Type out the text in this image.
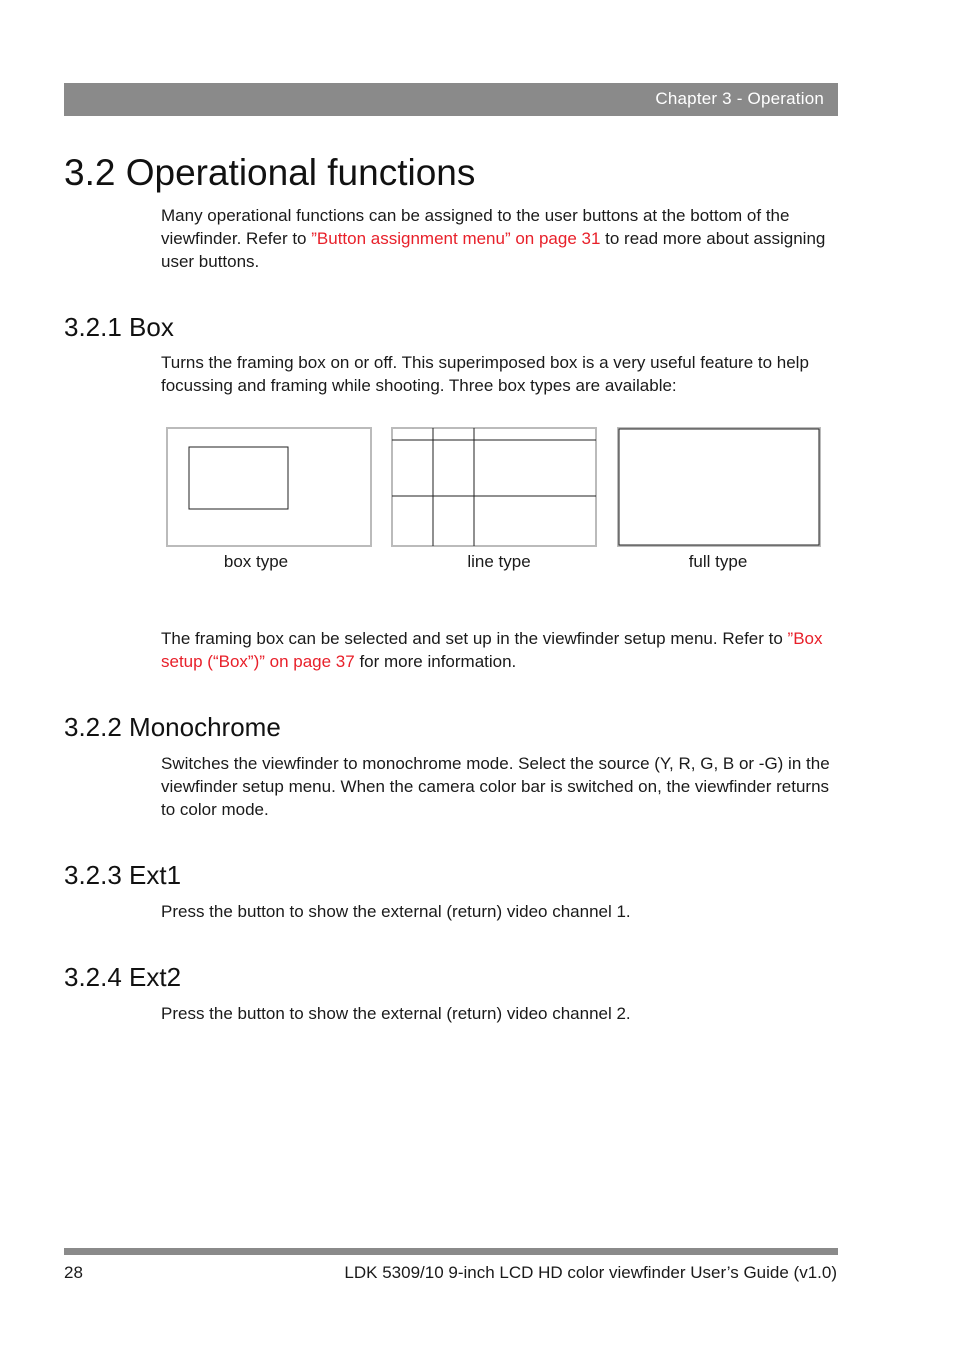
Chapter 3 - Operation
3.2 Operational functions

Many operational functions can be assigned to the user buttons at the bottom of the viewfinder. Refer to ”Button assignment menu” on page 31 to read more about assigning user buttons.

3.2.1 Box

Turns the framing box on or off. This superimposed box is a very useful feature to help focussing and framing while shooting. Three box types are available:

box type	line type	full type

The framing box can be selected and set up in the viewfinder setup menu. Refer to ”Box setup (“Box”)” on page 37 for more information.

3.2.2 Monochrome

Switches the viewfinder to monochrome mode. Select the source (Y, R, G, B or -G) in the viewfinder setup menu. When the camera color bar is switched on, the viewfinder returns to color mode.

3.2.3 Ext1

Press the button to show the external (return) video channel 1.

3.2.4 Ext2

Press the button to show the external (return) video channel 2.

28	LDK 5309/10 9-inch LCD HD color viewfinder User’s Guide (v1.0)
